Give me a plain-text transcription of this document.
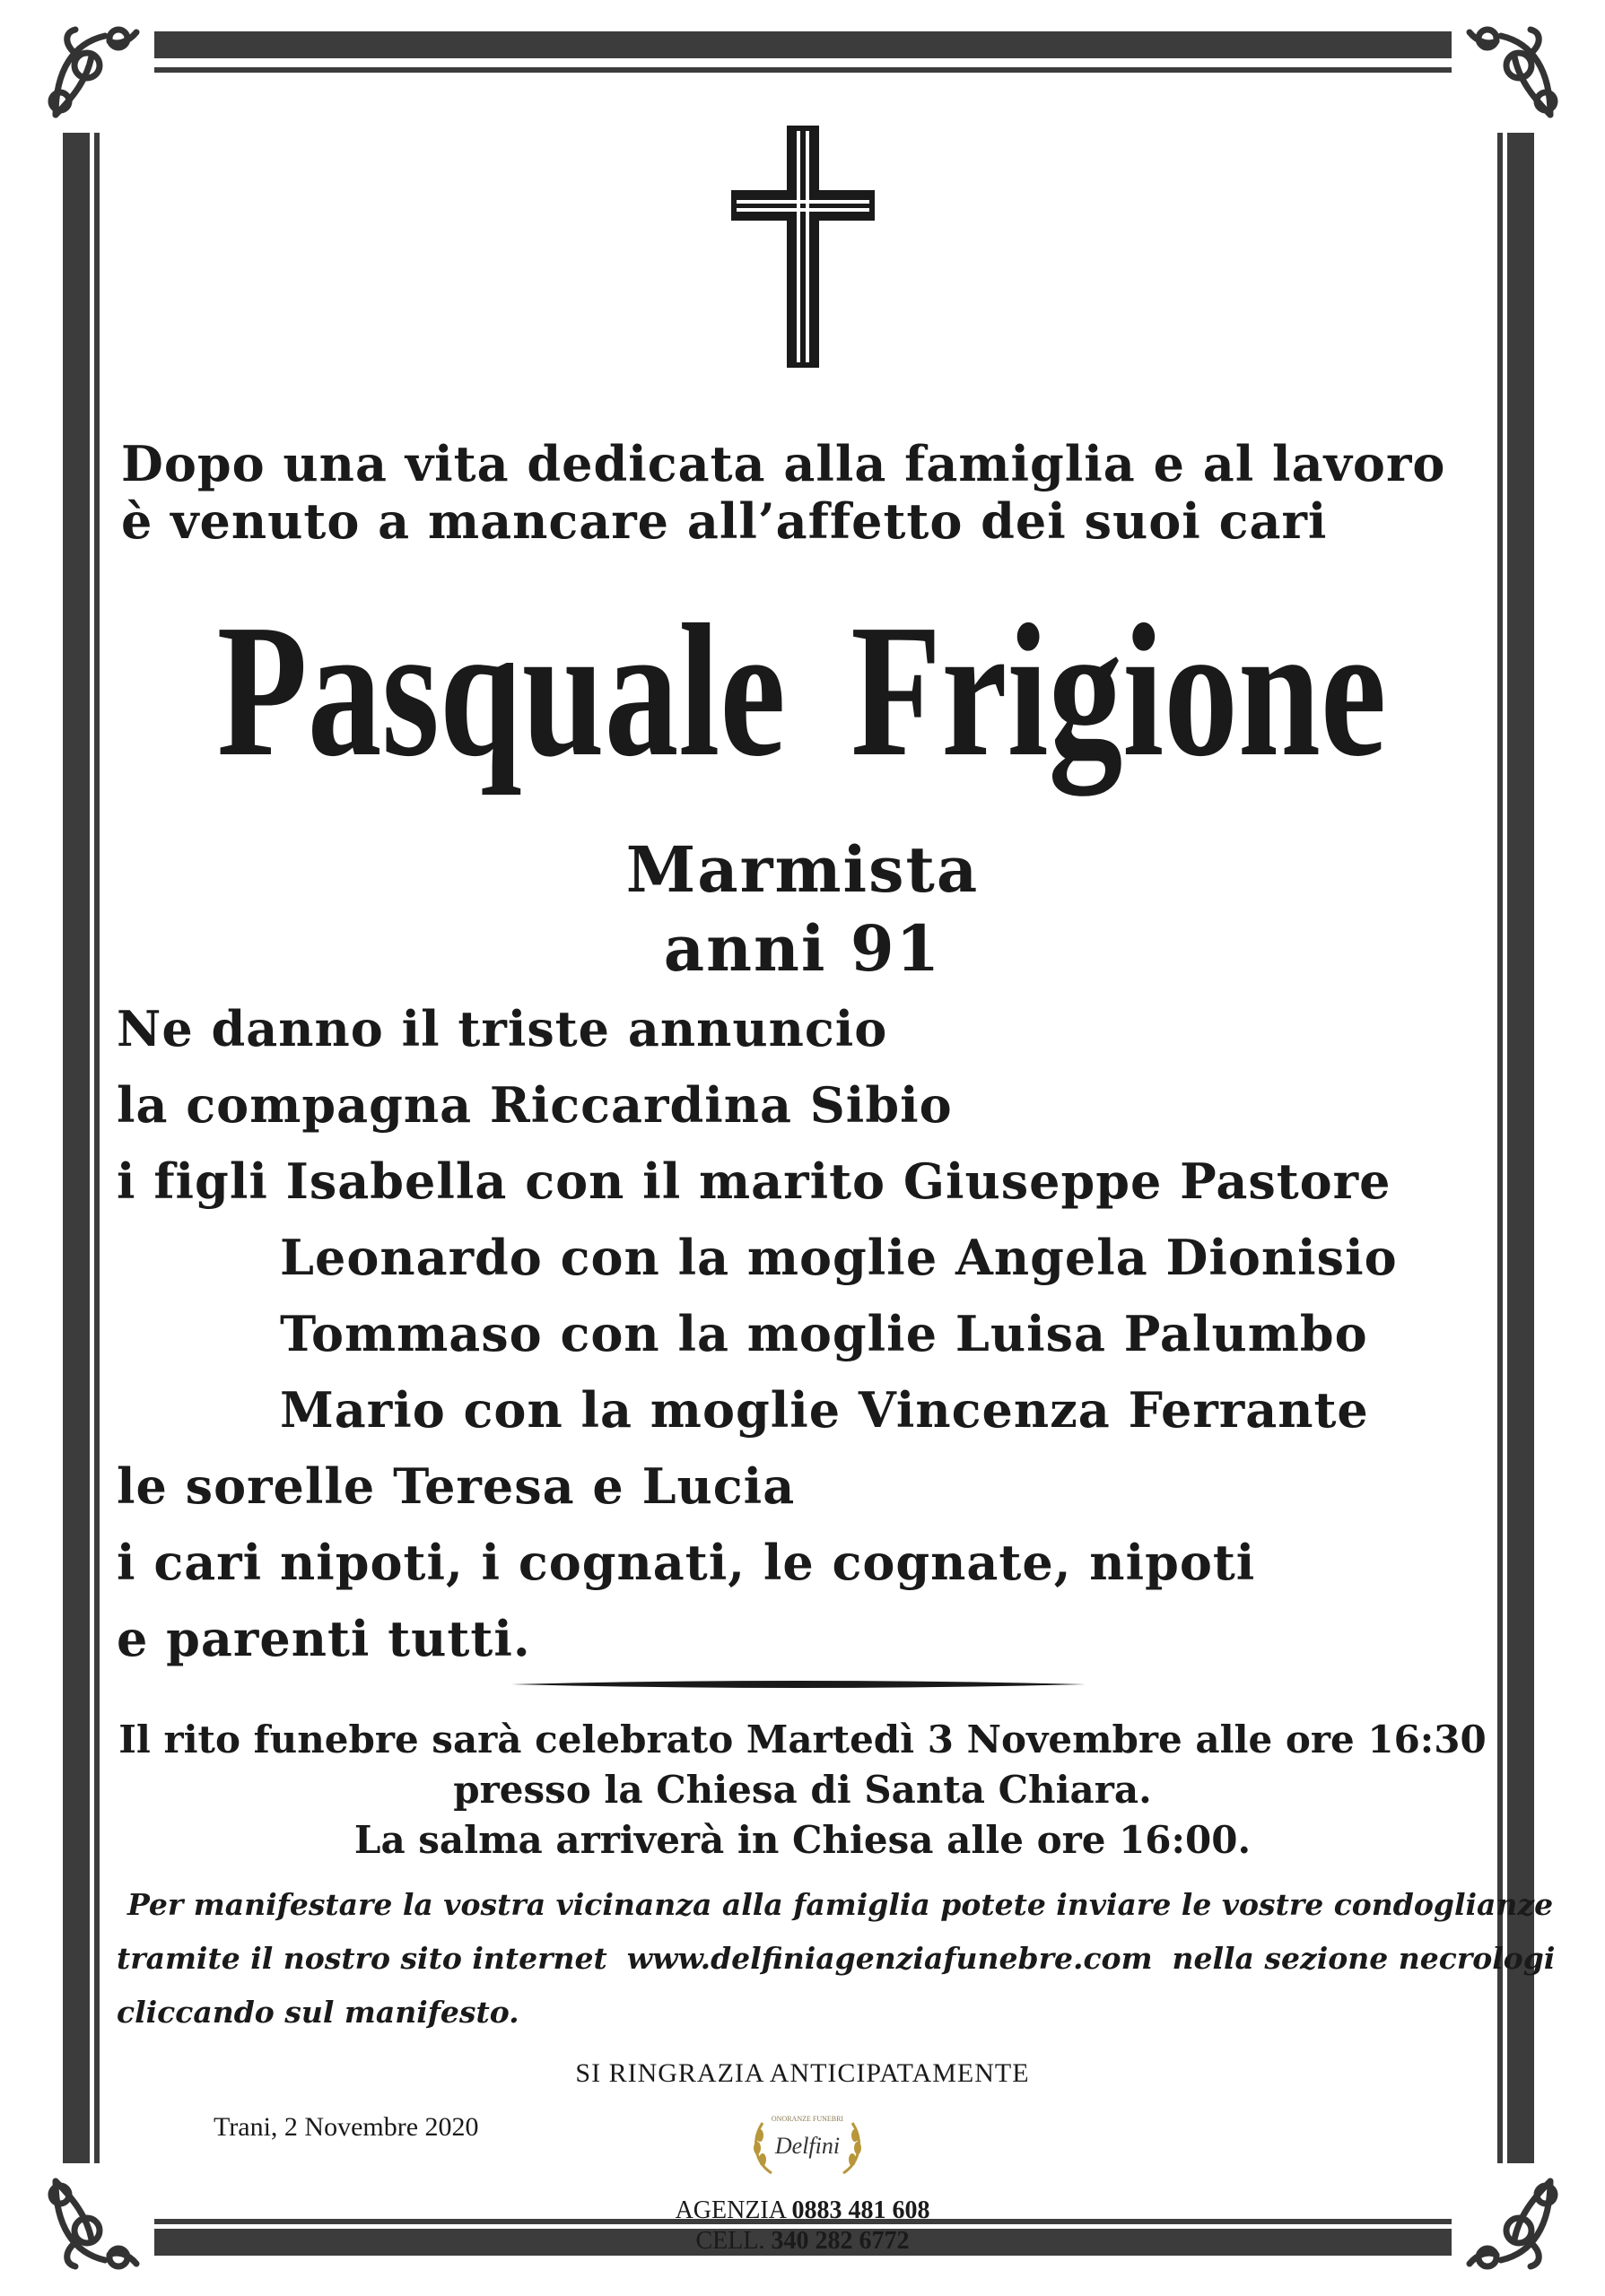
Dopo una vita dedicata alla famiglia e al lavoro
è venuto a mancare all’affetto dei suoi cari
Pasquale Frigione
Marmista
anni 91
Ne danno il triste annuncio
la compagna Riccardina Sibio
i figli Isabella con il marito Giuseppe Pastore
Leonardo con la moglie Angela Dionisio
Tommaso con la moglie Luisa Palumbo
Mario con la moglie Vincenza Ferrante
le sorelle Teresa e Lucia
i cari nipoti, i cognati, le cognate, nipoti
e parenti tutti.
Il rito funebre sarà celebrato Martedì 3 Novembre alle ore 16:30
presso la Chiesa di Santa Chiara.
La salma arriverà in Chiesa alle ore 16:00.
Per manifestare la vostra vicinanza alla famiglia potete inviare le vostre condoglianze
tramite il nostro sito internet www.delfiniagenziafunebre.com nella sezione necrologi
cliccando sul manifesto.
SI RINGRAZIA ANTICIPATAMENTE
Trani, 2 Novembre 2020	ONORANZE FUNEBRI
Delfini
AGENZIA 0883 481 608
CELL. 340 282 6772
